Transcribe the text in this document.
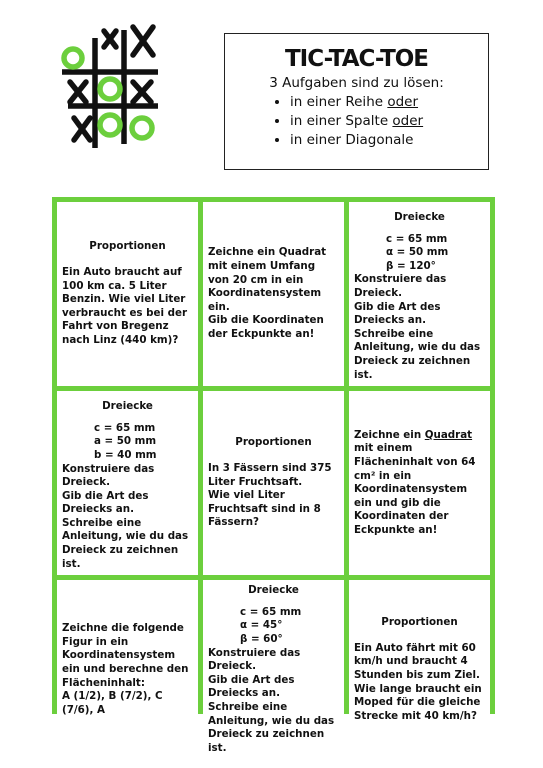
TIC-TAC-TOE
3 Aufgaben sind zu lösen:
• in einer Reihe oder
• in einer Spalte oder
• in einer Diagonale
Proportionen

Ein Auto braucht auf 100 km ca. 5 Liter Benzin. Wie viel Liter verbraucht es bei der Fahrt von Bregenz nach Linz (440 km)?

Zeichne ein Quadrat mit einem Umfang von 20 cm in ein Koordinatensystem ein.

Gib die Koordinaten der Eckpunkte an!

Dreiecke

c = 65 mm

α = 50 mm

β = 120°

Konstruiere das Dreieck.

Gib die Art des Dreiecks an.

Schreibe eine Anleitung, wie du das Dreieck zu zeichnen ist.

Dreiecke

c = 65 mm

a = 50 mm

b = 40 mm

Konstruiere das Dreieck.

Gib die Art des Dreiecks an.

Schreibe eine Anleitung, wie du das Dreieck zu zeichnen ist.

Proportionen

In 3 Fässern sind 375 Liter Fruchtsaft.

Wie viel Liter Fruchtsaft sind in 8 Fässern?

Zeichne ein Quadrat mit einem Flächeninhalt von 64 cm² in ein Koordinatensystem ein und gib die Koordinaten der Eckpunkte an!

Zeichne die folgende Figur in ein Koordinatensystem ein und berechne den Flächeninhalt:

A (1/2), B (7/2), C (7/6), A

Dreiecke

c = 65 mm

α = 45°

β = 60°

Konstruiere das Dreieck.

Gib die Art des Dreiecks an.

Schreibe eine Anleitung, wie du das Dreieck zu zeichnen ist.

Proportionen

Ein Auto fährt mit 60 km/h und braucht 4 Stunden bis zum Ziel.

Wie lange braucht ein Moped für die gleiche Strecke mit 40 km/h?
